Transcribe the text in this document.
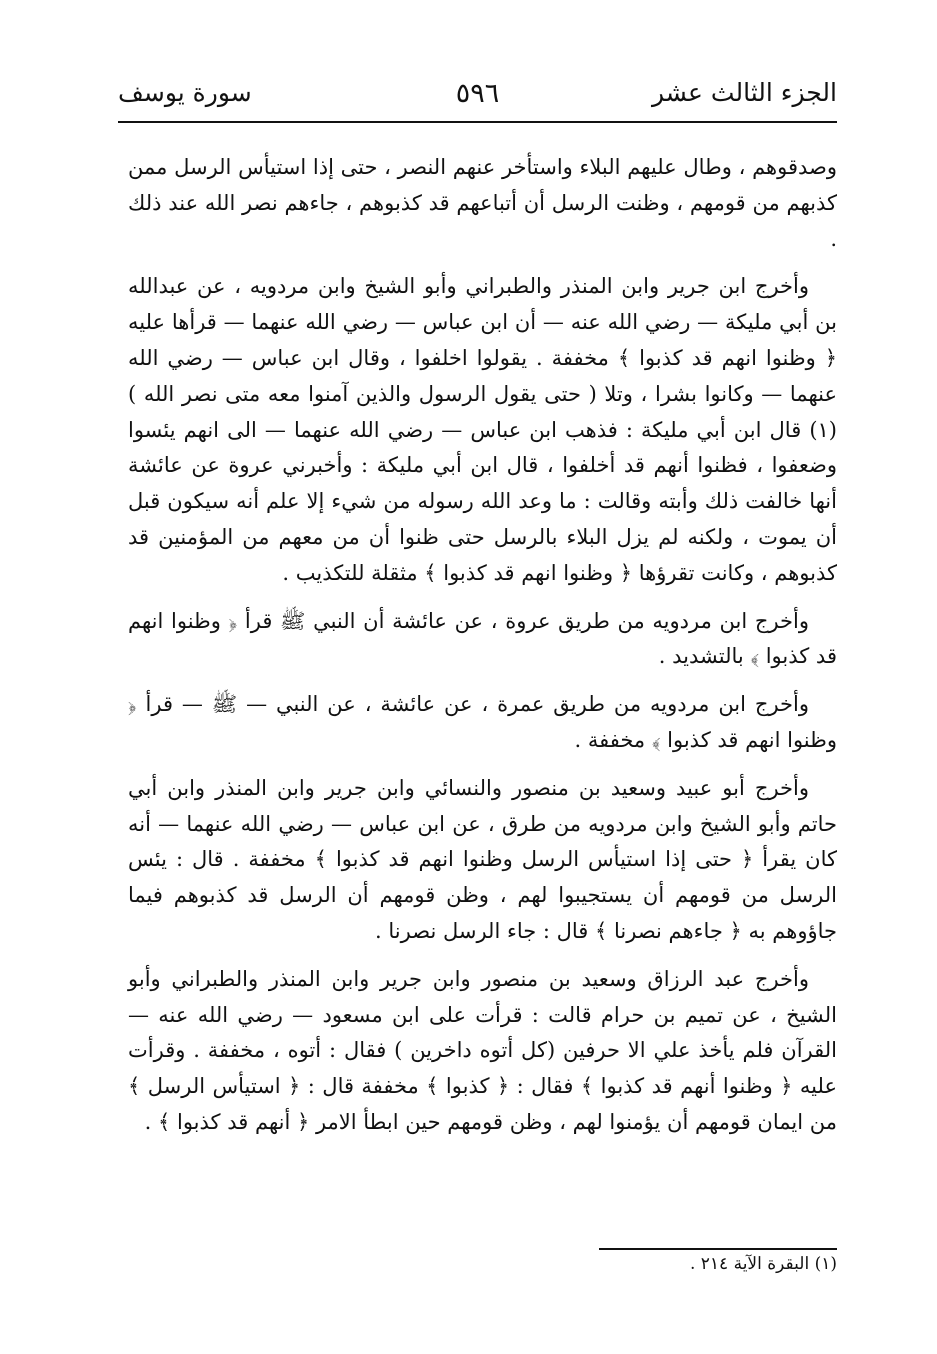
الجزء الثالث عشر
٥٩٦
سورة يوسف

وصدقوهم ، وطال عليهم البلاء واستأخر عنهم النصر ، حتى إذا استيأس الرسل ممن كذبهم من قومهم ، وظنت الرسل أن أتباعهم قد كذبوهم ، جاءهم نصر الله عند ذلك .

وأخرج ابن جرير وابن المنذر والطبراني وأبو الشيخ وابن مردويه ، عن عبدالله بن أبي مليكة — رضي الله عنه — أن ابن عباس — رضي الله عنهما — قرأها عليه ﴿ وظنوا انهم قد كذبوا ﴾ مخففة . يقولوا اخلفوا ، وقال ابن عباس — رضي الله عنهما — وكانوا بشرا ، وتلا ( حتى يقول الرسول والذين آمنوا معه متى نصر الله )(١) قال ابن أبي مليكة : فذهب ابن عباس — رضي الله عنهما — الى انهم يئسوا وضعفوا ، فظنوا أنهم قد أخلفوا ، قال ابن أبي مليكة : وأخبرني عروة عن عائشة أنها خالفت ذلك وأبته وقالت : ما وعد الله رسوله من شيء إلا علم أنه سيكون قبل أن يموت ، ولكنه لم يزل البلاء بالرسل حتى ظنوا أن من معهم من المؤمنين قد كذبوهم ، وكانت تقرؤها ﴿ وظنوا انهم قد كذبوا ﴾ مثقلة للتكذيب .

وأخرج ابن مردويه من طريق عروة ، عن عائشة أن النبي ﷺ قرأ ﴿ وظنوا انهم قد كذبوا ﴾ بالتشديد .

وأخرج ابن مردويه من طريق عمرة ، عن عائشة ، عن النبي — ﷺ — قرأ ﴿ وظنوا انهم قد كذبوا ﴾ مخففة .

وأخرج أبو عبيد وسعيد بن منصور والنسائي وابن جرير وابن المنذر وابن أبي حاتم وأبو الشيخ وابن مردويه من طرق ، عن ابن عباس — رضي الله عنهما — أنه كان يقرأ ﴿ حتى إذا استيأس الرسل وظنوا انهم قد كذبوا ﴾ مخففة . قال : يئس الرسل من قومهم أن يستجيبوا لهم ، وظن قومهم أن الرسل قد كذبوهم فيما جاؤوهم به ﴿ جاءهم نصرنا ﴾ قال : جاء الرسل نصرنا .

وأخرج عبد الرزاق وسعيد بن منصور وابن جرير وابن المنذر والطبراني وأبو الشيخ ، عن تميم بن حرام قالت : قرأت على ابن مسعود — رضي الله عنه — القرآن فلم يأخذ علي الا حرفين (كل أتوه داخرين ) فقال : أتوه ، مخففة . وقرأت عليه ﴿ وظنوا أنهم قد كذبوا ﴾ فقال : ﴿ كذبوا ﴾ مخففة قال : ﴿ استيأس الرسل ﴾ من ايمان قومهم أن يؤمنوا لهم ، وظن قومهم حين ابطأ الامر ﴿ أنهم قد كذبوا ﴾ .

(١) البقرة الآية ٢١٤ .
